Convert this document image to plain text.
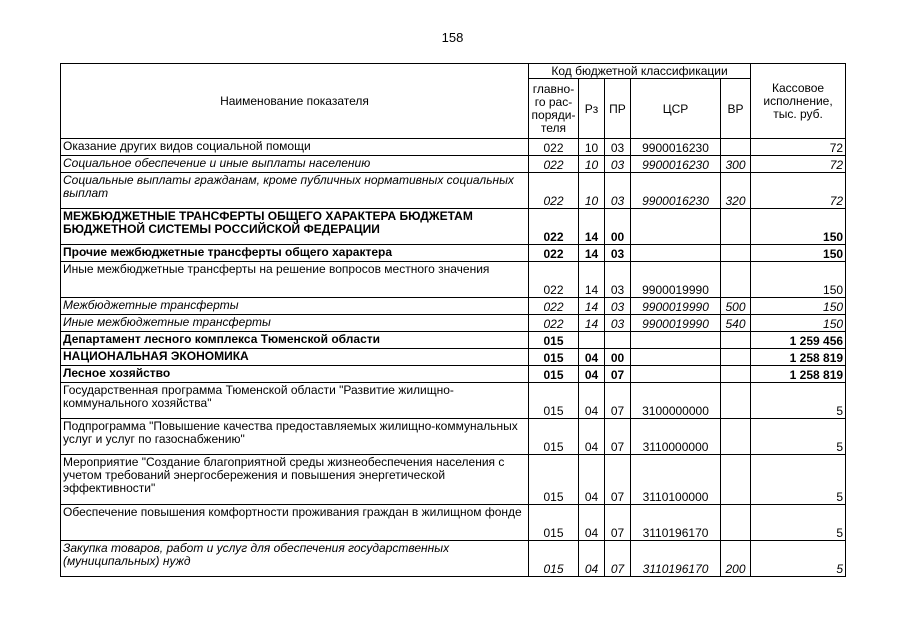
158
Наименование показателя	Код бюджетной классификации					Кассовое исполнение, тыс. руб.
	главно-го рас-поряди-теля	Рз	ПР	ЦСР	ВР	
Оказание других видов социальной помощи	022	10	03	9900016230		72
Социальное обеспечение и иные выплаты населению	022	10	03	9900016230	300	72
Социальные выплаты гражданам, кроме публичных нормативных социальных выплат	022	10	03	9900016230	320	72
МЕЖБЮДЖЕТНЫЕ ТРАНСФЕРТЫ ОБЩЕГО ХАРАКТЕРА БЮДЖЕТАМ БЮДЖЕТНОЙ СИСТЕМЫ РОССИЙСКОЙ ФЕДЕРАЦИИ	022	14	00			150
Прочие межбюджетные трансферты общего характера	022	14	03			150
Иные межбюджетные трансферты на решение вопросов местного значения	022	14	03	9900019990		150
Межбюджетные трансферты	022	14	03	9900019990	500	150
Иные межбюджетные трансферты	022	14	03	9900019990	540	150
Департамент лесного комплекса Тюменской области	015					1 259 456
НАЦИОНАЛЬНАЯ ЭКОНОМИКА	015	04	00			1 258 819
Лесное хозяйство	015	04	07			1 258 819
Государственная программа Тюменской области "Развитие жилищно-коммунального хозяйства"	015	04	07	3100000000		5
Подпрограмма "Повышение качества предоставляемых жилищно-коммунальных услуг и услуг по газоснабжению"	015	04	07	3110000000		5
Мероприятие "Создание благоприятной среды жизнеобеспечения населения с учетом требований энергосбережения и повышения энергетической эффективности"	015	04	07	3110100000		5
Обеспечение повышения комфортности проживания граждан в жилищном фонде	015	04	07	3110196170		5
Закупка товаров, работ и услуг для обеспечения государственных (муниципальных) нужд	015	04	07	3110196170	200	5
